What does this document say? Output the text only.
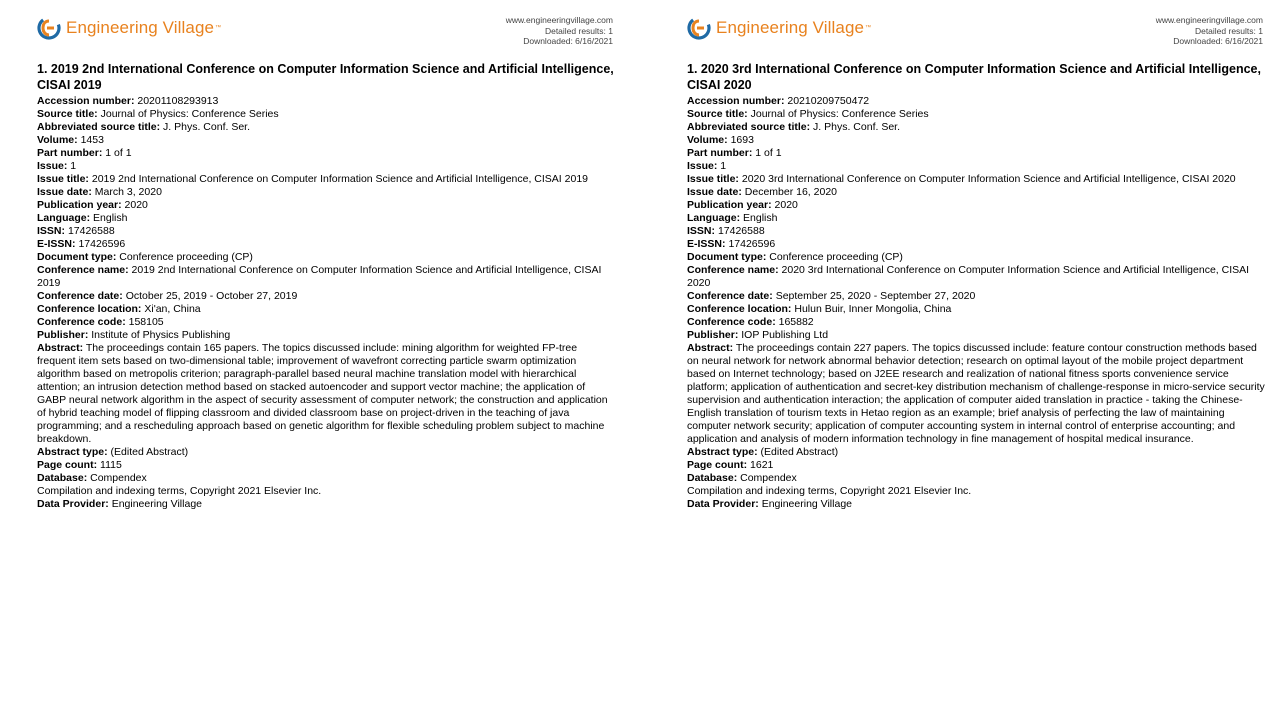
Engineering Village ™
www.engineeringvillage.com
Detailed results: 1
Downloaded: 6/16/2021
1. 2019 2nd International Conference on Computer Information Science and Artificial Intelligence, CISAI 2019
Accession number: 20201108293913
Source title: Journal of Physics: Conference Series
Abbreviated source title: J. Phys. Conf. Ser.
Volume: 1453
Part number: 1 of 1
Issue: 1
Issue title: 2019 2nd International Conference on Computer Information Science and Artificial Intelligence, CISAI 2019
Issue date: March 3, 2020
Publication year: 2020
Language: English
ISSN: 17426588
E-ISSN: 17426596
Document type: Conference proceeding (CP)
Conference name: 2019 2nd International Conference on Computer Information Science and Artificial Intelligence, CISAI 2019
Conference date: October 25, 2019 - October 27, 2019
Conference location: Xi'an, China
Conference code: 158105
Publisher: Institute of Physics Publishing
Abstract: The proceedings contain 165 papers. The topics discussed include: mining algorithm for weighted FP-tree frequent item sets based on two-dimensional table; improvement of wavefront correcting particle swarm optimization algorithm based on metropolis criterion; paragraph-parallel based neural machine translation model with hierarchical attention; an intrusion detection method based on stacked autoencoder and support vector machine; the application of GABP neural network algorithm in the aspect of security assessment of computer network; the construction and application of hybrid teaching model of flipping classroom and divided classroom base on project-driven in the teaching of java programming; and a rescheduling approach based on genetic algorithm for flexible scheduling problem subject to machine breakdown.
Abstract type: (Edited Abstract)
Page count: 1115
Database: Compendex
Compilation and indexing terms, Copyright 2021 Elsevier Inc.
Data Provider: Engineering Village
Engineering Village ™
www.engineeringvillage.com
Detailed results: 1
Downloaded: 6/16/2021
1. 2020 3rd International Conference on Computer Information Science and Artificial Intelligence, CISAI 2020
Accession number: 20210209750472
Source title: Journal of Physics: Conference Series
Abbreviated source title: J. Phys. Conf. Ser.
Volume: 1693
Part number: 1 of 1
Issue: 1
Issue title: 2020 3rd International Conference on Computer Information Science and Artificial Intelligence, CISAI 2020
Issue date: December 16, 2020
Publication year: 2020
Language: English
ISSN: 17426588
E-ISSN: 17426596
Document type: Conference proceeding (CP)
Conference name: 2020 3rd International Conference on Computer Information Science and Artificial Intelligence, CISAI 2020
Conference date: September 25, 2020 - September 27, 2020
Conference location: Hulun Buir, Inner Mongolia, China
Conference code: 165882
Publisher: IOP Publishing Ltd
Abstract: The proceedings contain 227 papers. The topics discussed include: feature contour construction methods based on neural network for network abnormal behavior detection; research on optimal layout of the mobile project department based on Internet technology; based on J2EE research and realization of national fitness sports convenience service platform; application of authentication and secret-key distribution mechanism of challenge-response in micro-service security supervision and authentication interaction; the application of computer aided translation in practice - taking the Chinese-English translation of tourism texts in Hetao region as an example; brief analysis of perfecting the law of maintaining computer network security; application of computer accounting system in internal control of enterprise accounting; and application and analysis of modern information technology in fine management of hospital medical insurance.
Abstract type: (Edited Abstract)
Page count: 1621
Database: Compendex
Compilation and indexing terms, Copyright 2021 Elsevier Inc.
Data Provider: Engineering Village
